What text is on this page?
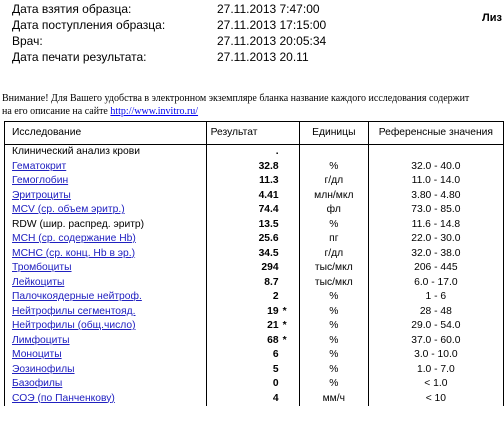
Дата взятия образца:	27.11.2013 7:47:00
Дата поступления образца:	27.11.2013 17:15:00
Врач:	27.11.2013 20:05:34
Дата печати результата:	27.11.2013 20.11
Лиз
Внимание! Для Вашего удобства в электронном экземпляре бланка название каждого исследования содержит
на его описание на сайте http://www.invitro.ru/
Исследование	Результат	Единицы	Референсные значения
Клинический анализ крови	.		
Гематокрит	32.8	%	32.0 - 40.0
Гемоглобин	11.3	г/дл	11.0 - 14.0
Эритроциты	4.41	млн/мкл	3.80 - 4.80
MCV (ср. объем эритр.)	74.4	фл	73.0 - 85.0
RDW (шир. распред. эритр)	13.5	%	11.6 - 14.8
MCH (ср. содержание Hb)	25.6	пг	22.0 - 30.0
MCHC (ср. конц. Hb в эр.)	34.5	г/дл	32.0 - 38.0
Тромбоциты	294	тыс/мкл	206 - 445
Лейкоциты	8.7	тыс/мкл	6.0 - 17.0
Палочкоядерные нейтроф.	2	%	1 - 6
Нейтрофилы сегментояд.	19 *	%	28 - 48
Нейтрофилы (общ.число)	21 *	%	29.0 - 54.0
Лимфоциты	68 *	%	37.0 - 60.0
Моноциты	6	%	3.0 - 10.0
Эозинофилы	5	%	1.0 - 7.0
Базофилы	0	%	< 1.0
СОЭ (по Панченкову)	4	мм/ч	< 10
